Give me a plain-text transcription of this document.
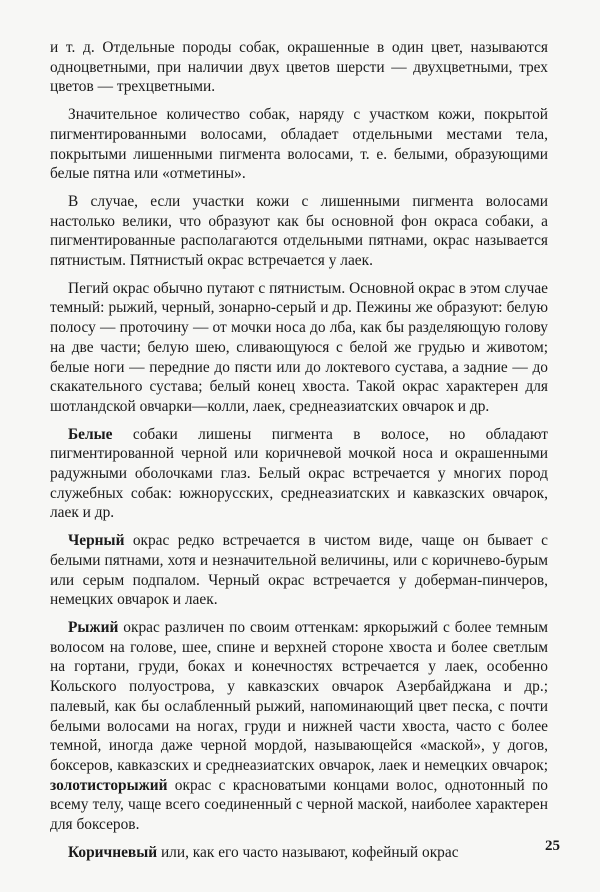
и т. д. Отдельные породы собак, окрашенные в один цвет, называются одноцветными, при наличии двух цветов шерсти — двухцветными, трех цветов — трехцветными.

Значительное количество собак, наряду с участком кожи, покрытой пигментированными волосами, обладает отдельными местами тела, покрытыми лишенными пигмента волосами, т. е. белыми, образующими белые пятна или «отметины».

В случае, если участки кожи с лишенными пигмента волосами настолько велики, что образуют как бы основной фон окраса собаки, а пигментированные располагаются отдельными пятнами, окрас называется пятнистым. Пятнистый окрас встречается у лаек.

Пегий окрас обычно путают с пятнистым. Основной окрас в этом случае темный: рыжий, черный, зонарно-серый и др. Пежины же образуют: белую полосу — проточину — от мочки носа до лба, как бы разделяющую голову на две части; белую шею, сливающуюся с белой же грудью и животом; белые ноги — передние до пясти или до локтевого сустава, а задние — до скакательного сустава; белый конец хвоста. Такой окрас характерен для шотландской овчарки—колли, лаек, среднеазиатских овчарок и др.

Белые собаки лишены пигмента в волосе, но обладают пигментированной черной или коричневой мочкой носа и окрашенными радужными оболочками глаз. Белый окрас встречается у многих пород служебных собак: южнорусских, среднеазиатских и кавказских овчарок, лаек и др.

Черный окрас редко встречается в чистом виде, чаще он бывает с белыми пятнами, хотя и незначительной величины, или с коричнево-бурым или серым подпалом. Черный окрас встречается у доберман-пинчеров, немецких овчарок и лаек.

Рыжий окрас различен по своим оттенкам: яркорыжий с более темным волосом на голове, шее, спине и верхней стороне хвоста и более светлым на гортани, груди, боках и конечностях встречается у лаек, особенно Кольского полуострова, у кавказских овчарок Азербайджана и др.; палевый, как бы ослабленный рыжий, напоминающий цвет песка, с почти белыми волосами на ногах, груди и нижней части хвоста, часто с более темной, иногда даже черной мордой, называющейся «маской», у догов, боксеров, кавказских и среднеазиатских овчарок, лаек и немецких овчарок; золотисторыжий окрас с красноватыми концами волос, однотонный по всему телу, чаще всего соединенный с черной маской, наиболее характерен для боксеров.

Коричневый или, как его часто называют, кофейный окрас	25
